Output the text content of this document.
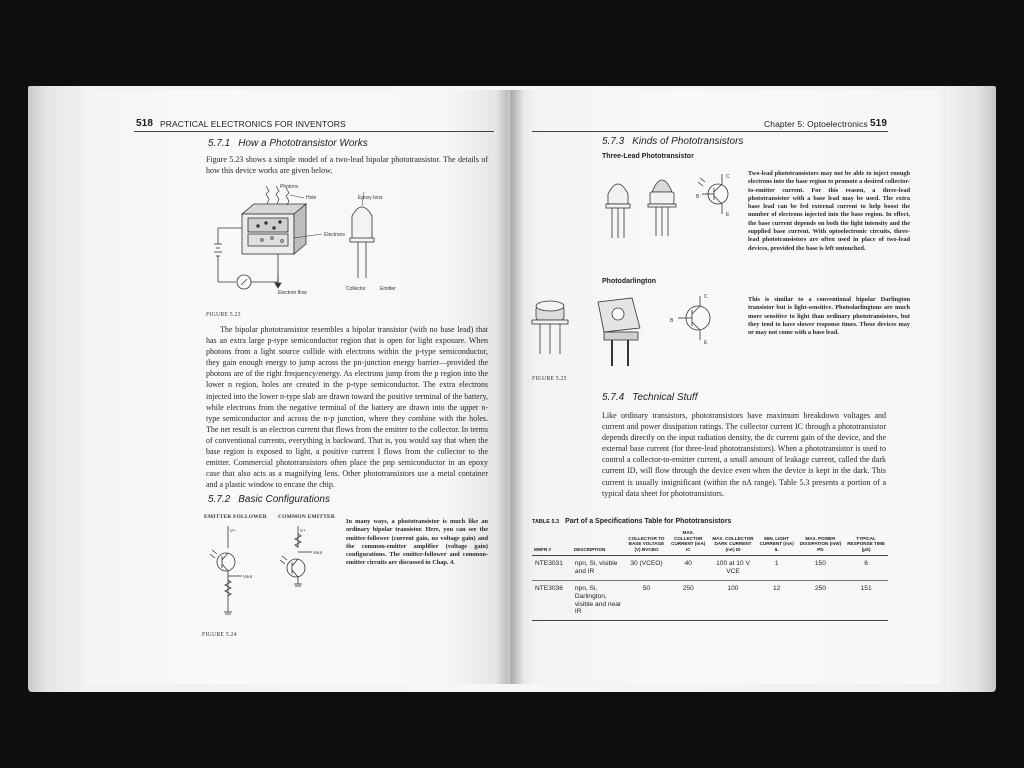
518 PRACTICAL ELECTRONICS FOR INVENTORS
5.7.1 How a Phototransistor Works
Figure 5.23 shows a simple model of a two-lead bipolar phototransistor. The details of how this device works are given below.
Photons
Hole	Epoxy lens
Electrons
Electron flow
Collector	Emitter
FIGURE 5.23
The bipolar phototransistor resembles a bipolar transistor (with no base lead) that has an extra large p-type semiconductor region that is open for light exposure. When photons from a light source collide with electrons within the p-type semiconductor, they gain enough energy to jump across the pn-junction energy barrier—provided the photons are of the right frequency/energy. As electrons jump from the p region into the lower n region, holes are created in the p-type semiconductor. The extra electrons injected into the lower n-type slab are drawn toward the positive terminal of the battery, while electrons from the negative terminal of the battery are drawn into the upper n-type semiconductor and across the n-p junction, where they combine with the holes. The net result is an electron current that flows from the emitter to the collector. In terms of conventional currents, everything is backward. That is, you would say that when the base region is exposed to light, a positive current I flows from the collector to the emitter. Commercial phototransistors often place the pnp semiconductor in an epoxy case that also acts as a magnifying lens. Other phototransistors use a metal container and a plastic window to encase the chip.
5.7.2 Basic Configurations
EMITTER FOLLOWER COMMON EMITTER
V+	V+
Vout
Vout
In many ways, a phototransistor is much like an ordinary bipolar transistor. Here, you can see the emitter-follower (current gain, no voltage gain) and the common-emitter amplifier (voltage gain) configurations. The emitter-follower and common-emitter circuits are discussed in Chap. 4.
FIGURE 5.24
Chapter 5: Optoelectronics 519
5.7.3 Kinds of Phototransistors
Three-Lead Phototransistor
C
B
E
Two-lead phototransistors may not be able to inject enough electrons into the base region to promote a desired collector-to-emitter current. For this reason, a three-lead phototransistor with a base lead may be used. The extra base lead can be fed external current to help boost the number of electrons injected into the base region. In effect, the base current depends on both the light intensity and the supplied base current. With optoelectronic circuits, three-lead phototransistors are often used in place of two-lead devices, provided the base is left untouched.
Photodarlington
C
B
E
This is similar to a conventional bipolar Darlington transistor but is light-sensitive. Photodarlingtons are much more sensitive to light than ordinary phototransistors, but they tend to have slower response times. These devices may or may not come with a base lead.
FIGURE 5.25
5.7.4 Technical Stuff
Like ordinary transistors, phototransistors have maximum breakdown voltages and current and power dissipation ratings. The collector current IC through a phototransistor depends directly on the input radiation density, the dc current gain of the device, and the external base current (for three-lead phototransistors). When a phototransistor is used to control a collector-to-emitter current, a small amount of leakage current, called the dark current ID, will flow through the device even when the device is kept in the dark. This current is usually insignificant (within the nA range). Table 5.3 presents a portion of a typical data sheet for phototransistors.
TABLE 5.3 Part of a Specifications Table for Phototransistors
MNFR #	DESCRIPTION	COLLECTOR TO BASE VOLTAGE (V) BVCBO	MAX. COLLECTOR CURRENT (mA) IC	MAX. COLLECTOR DARK CURRENT (nA) ID	MIN. LIGHT CURRENT (mA) IL	MAX. POWER DISSIPATION (mW) PD	TYPICAL RESPONSE TIME (µS)
NTE3031	npn, Si, visible and IR	30 (VCEO)	40	100 at 10 V VCE	1	150	6
NTE3036	npn, Si, Darlington, visible and near IR	50	250	100	12	250	151
